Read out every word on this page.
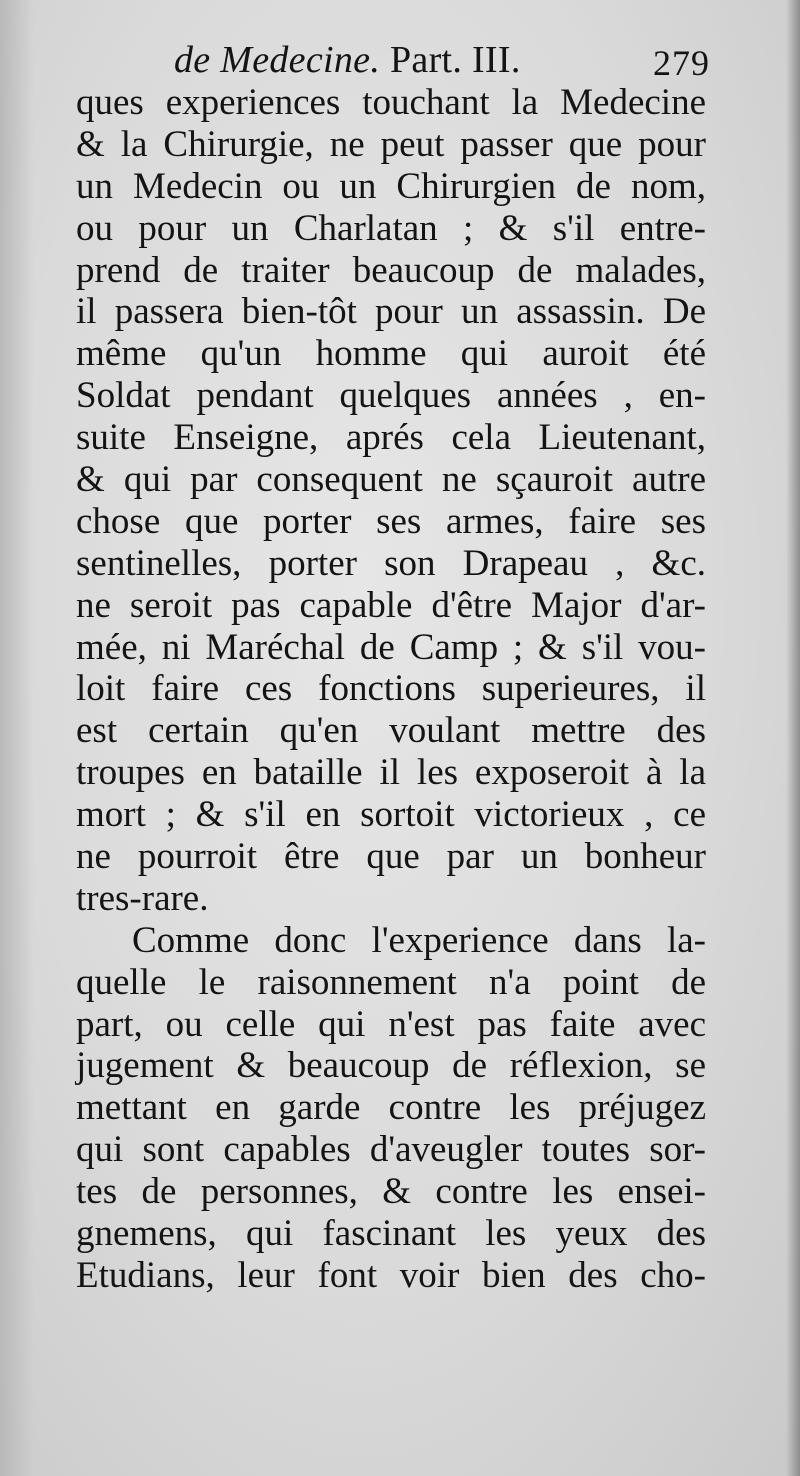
de Medecine. Part. III.	279
ques experiences touchant la Medecine
& la Chirurgie, ne peut passer que pour
un Medecin ou un Chirurgien de nom,
ou pour un Charlatan ; & s'il entre-
prend de traiter beaucoup de malades,
il passera bien-tôt pour un assassin. De
même qu'un homme qui auroit été
Soldat pendant quelques années , en-
suite Enseigne, aprés cela Lieutenant,
& qui par consequent ne sçauroit autre
chose que porter ses armes, faire ses
sentinelles, porter son Drapeau , &c.
ne seroit pas capable d'être Major d'ar-
mée, ni Maréchal de Camp ; & s'il vou-
loit faire ces fonctions superieures, il
est certain qu'en voulant mettre des
troupes en bataille il les exposeroit à la
mort ; & s'il en sortoit victorieux , ce
ne pourroit être que par un bonheur
tres-rare.
Comme donc l'experience dans la-
quelle le raisonnement n'a point de
part, ou celle qui n'est pas faite avec
jugement & beaucoup de réflexion, se
mettant en garde contre les préjugez
qui sont capables d'aveugler toutes sor-
tes de personnes, & contre les ensei-
gnemens, qui fascinant les yeux des
Etudians, leur font voir bien des cho-
